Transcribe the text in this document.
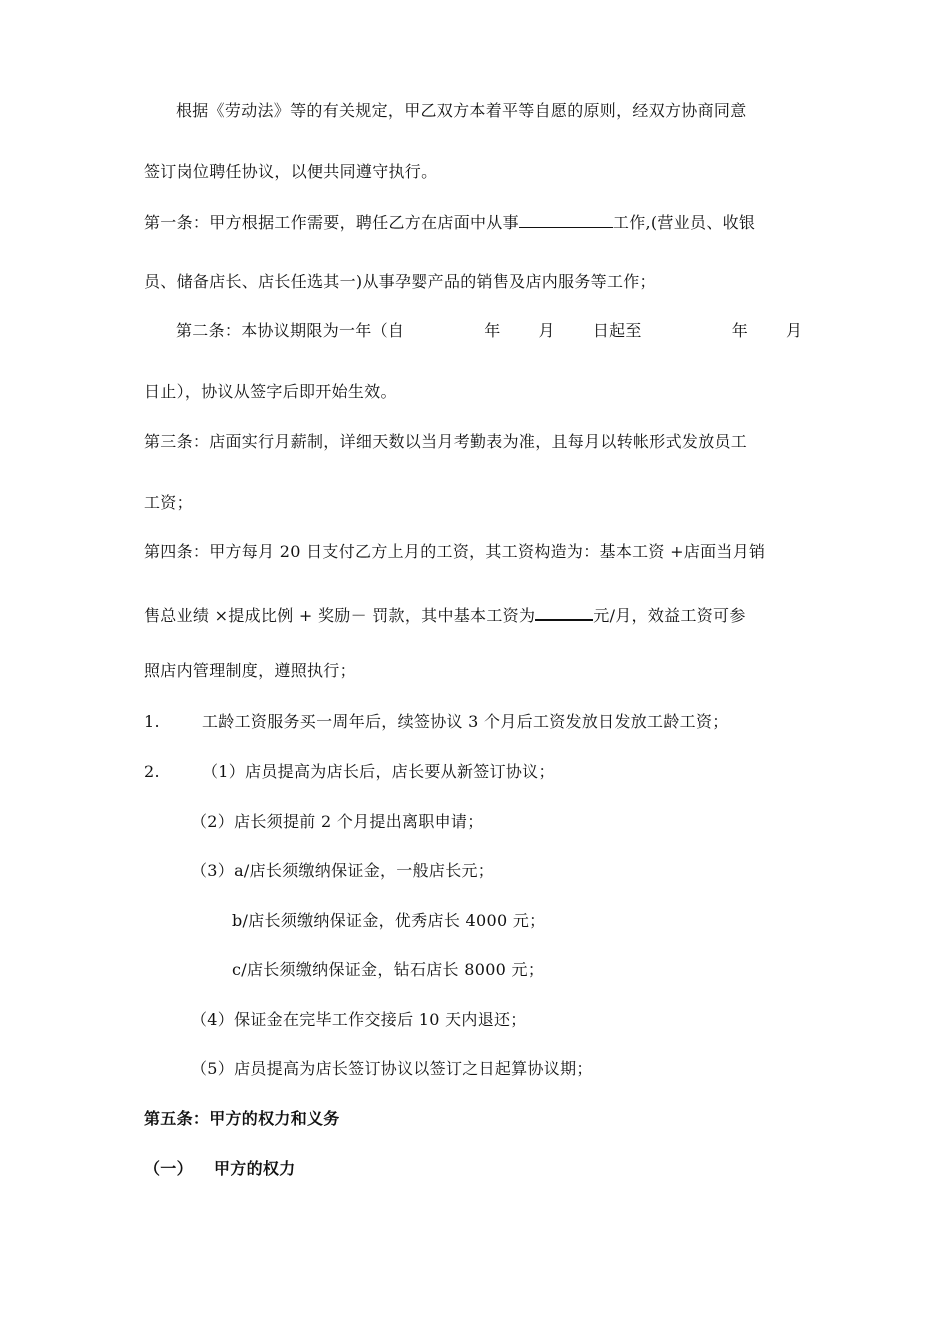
根据《劳动法》等的有关规定，甲乙双方本着平等自愿的原则，经双方协商同意
签订岗位聘任协议，以便共同遵守执行。
第一条：甲方根据工作需要，聘任乙方在店面中从事	工作,(营业员、收银
员、储备店长、店长任选其一)从事孕婴产品的销售及店内服务等工作；
第二条：本协议期限为一年（自	年 月 日起至	年 月
日止），协议从签字后即开始生效。
第三条：店面实行月薪制，详细天数以当月考勤表为准，且每月以转帐形式发放员工
工资；
第四条：甲方每月 20 日支付乙方上月的工资，其工资构造为：基本工资 +店面当月销
售总业绩 ×提成比例 + 奖励－ 罚款，其中基本工资为	元/月，效益工资可参
照店内管理制度，遵照执行；
1.	工龄工资服务买一周年后，续签协议 3 个月后工资发放日发放工龄工资；
2.	（1）店员提高为店长后，店长要从新签订协议；
（2）店长须提前 2 个月提出离职申请；
（3）a/店长须缴纳保证金，一般店长元；
b/店长须缴纳保证金，优秀店长 4000 元；
c/店长须缴纳保证金，钻石店长 8000 元；
（4）保证金在完毕工作交接后 10 天内退还；
（5）店员提高为店长签订协议以签订之日起算协议期；
第五条：甲方的权力和义务
（一） 甲方的权力
